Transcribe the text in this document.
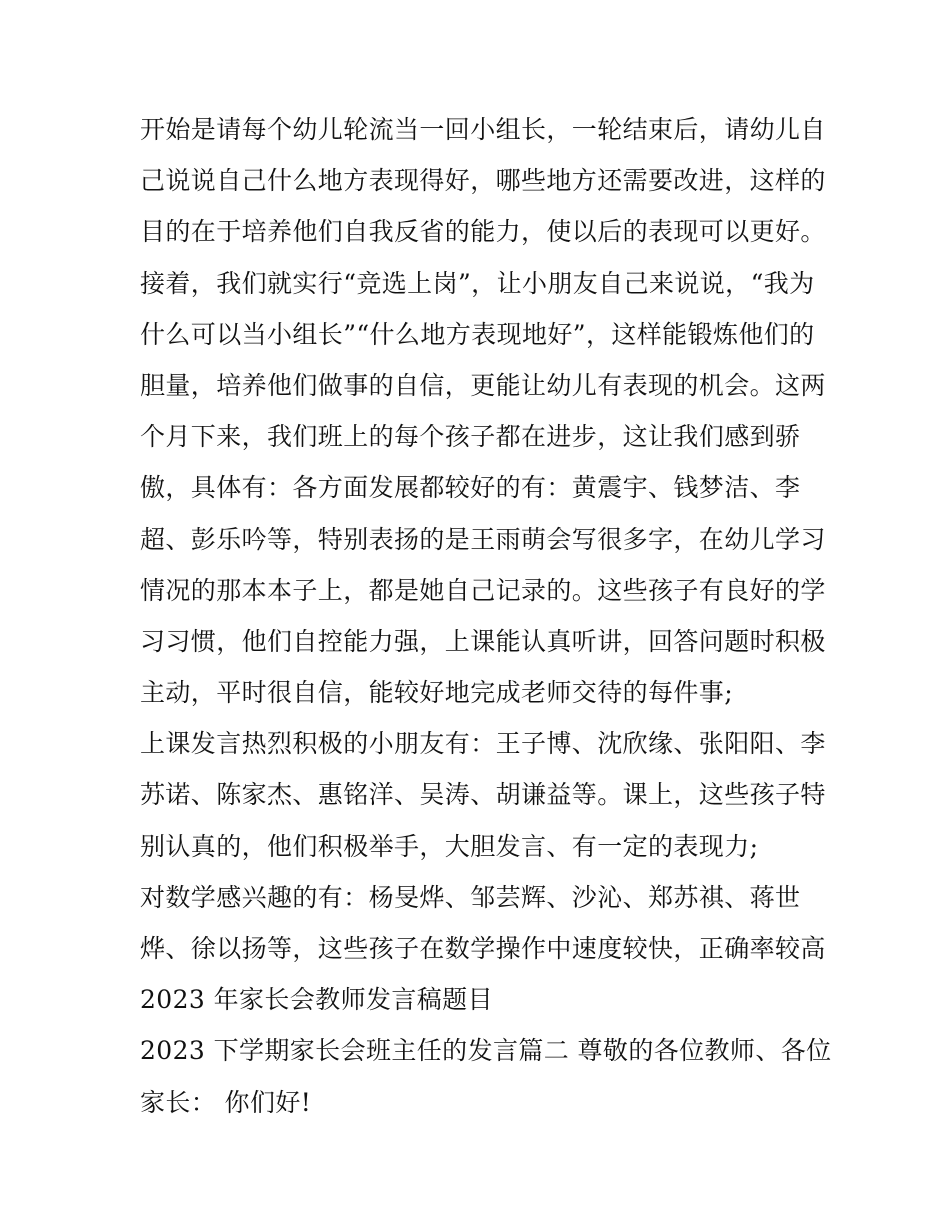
开始是请每个幼儿轮流当一回小组长，一轮结束后，请幼儿自
己说说自己什么地方表现得好，哪些地方还需要改进，这样的
目的在于培养他们自我反省的能力，使以后的表现可以更好。
接着，我们就实行“竞选上岗”，让小朋友自己来说说，“我为
什么可以当小组长”“什么地方表现地好”，这样能锻炼他们的
胆量，培养他们做事的自信，更能让幼儿有表现的机会。这两
个月下来，我们班上的每个孩子都在进步，这让我们感到骄
傲，具体有：各方面发展都较好的有：黄震宇、钱梦洁、李
超、彭乐吟等，特别表扬的是王雨萌会写很多字，在幼儿学习
情况的那本本子上，都是她自己记录的。这些孩子有良好的学
习习惯，他们自控能力强，上课能认真听讲，回答问题时积极
主动，平时很自信，能较好地完成老师交待的每件事;
上课发言热烈积极的小朋友有：王子博、沈欣缘、张阳阳、李
苏诺、陈家杰、惠铭洋、吴涛、胡谦益等。课上，这些孩子特
别认真的，他们积极举手，大胆发言、有一定的表现力;
对数学感兴趣的有：杨旻烨、邹芸辉、沙沁、郑苏祺、蒋世
烨、徐以扬等，这些孩子在数学操作中速度较快，正确率较高
2023 年家长会教师发言稿题目
2023 下学期家长会班主任的发言篇二 尊敬的各位教师、各位
家长： 你们好!
